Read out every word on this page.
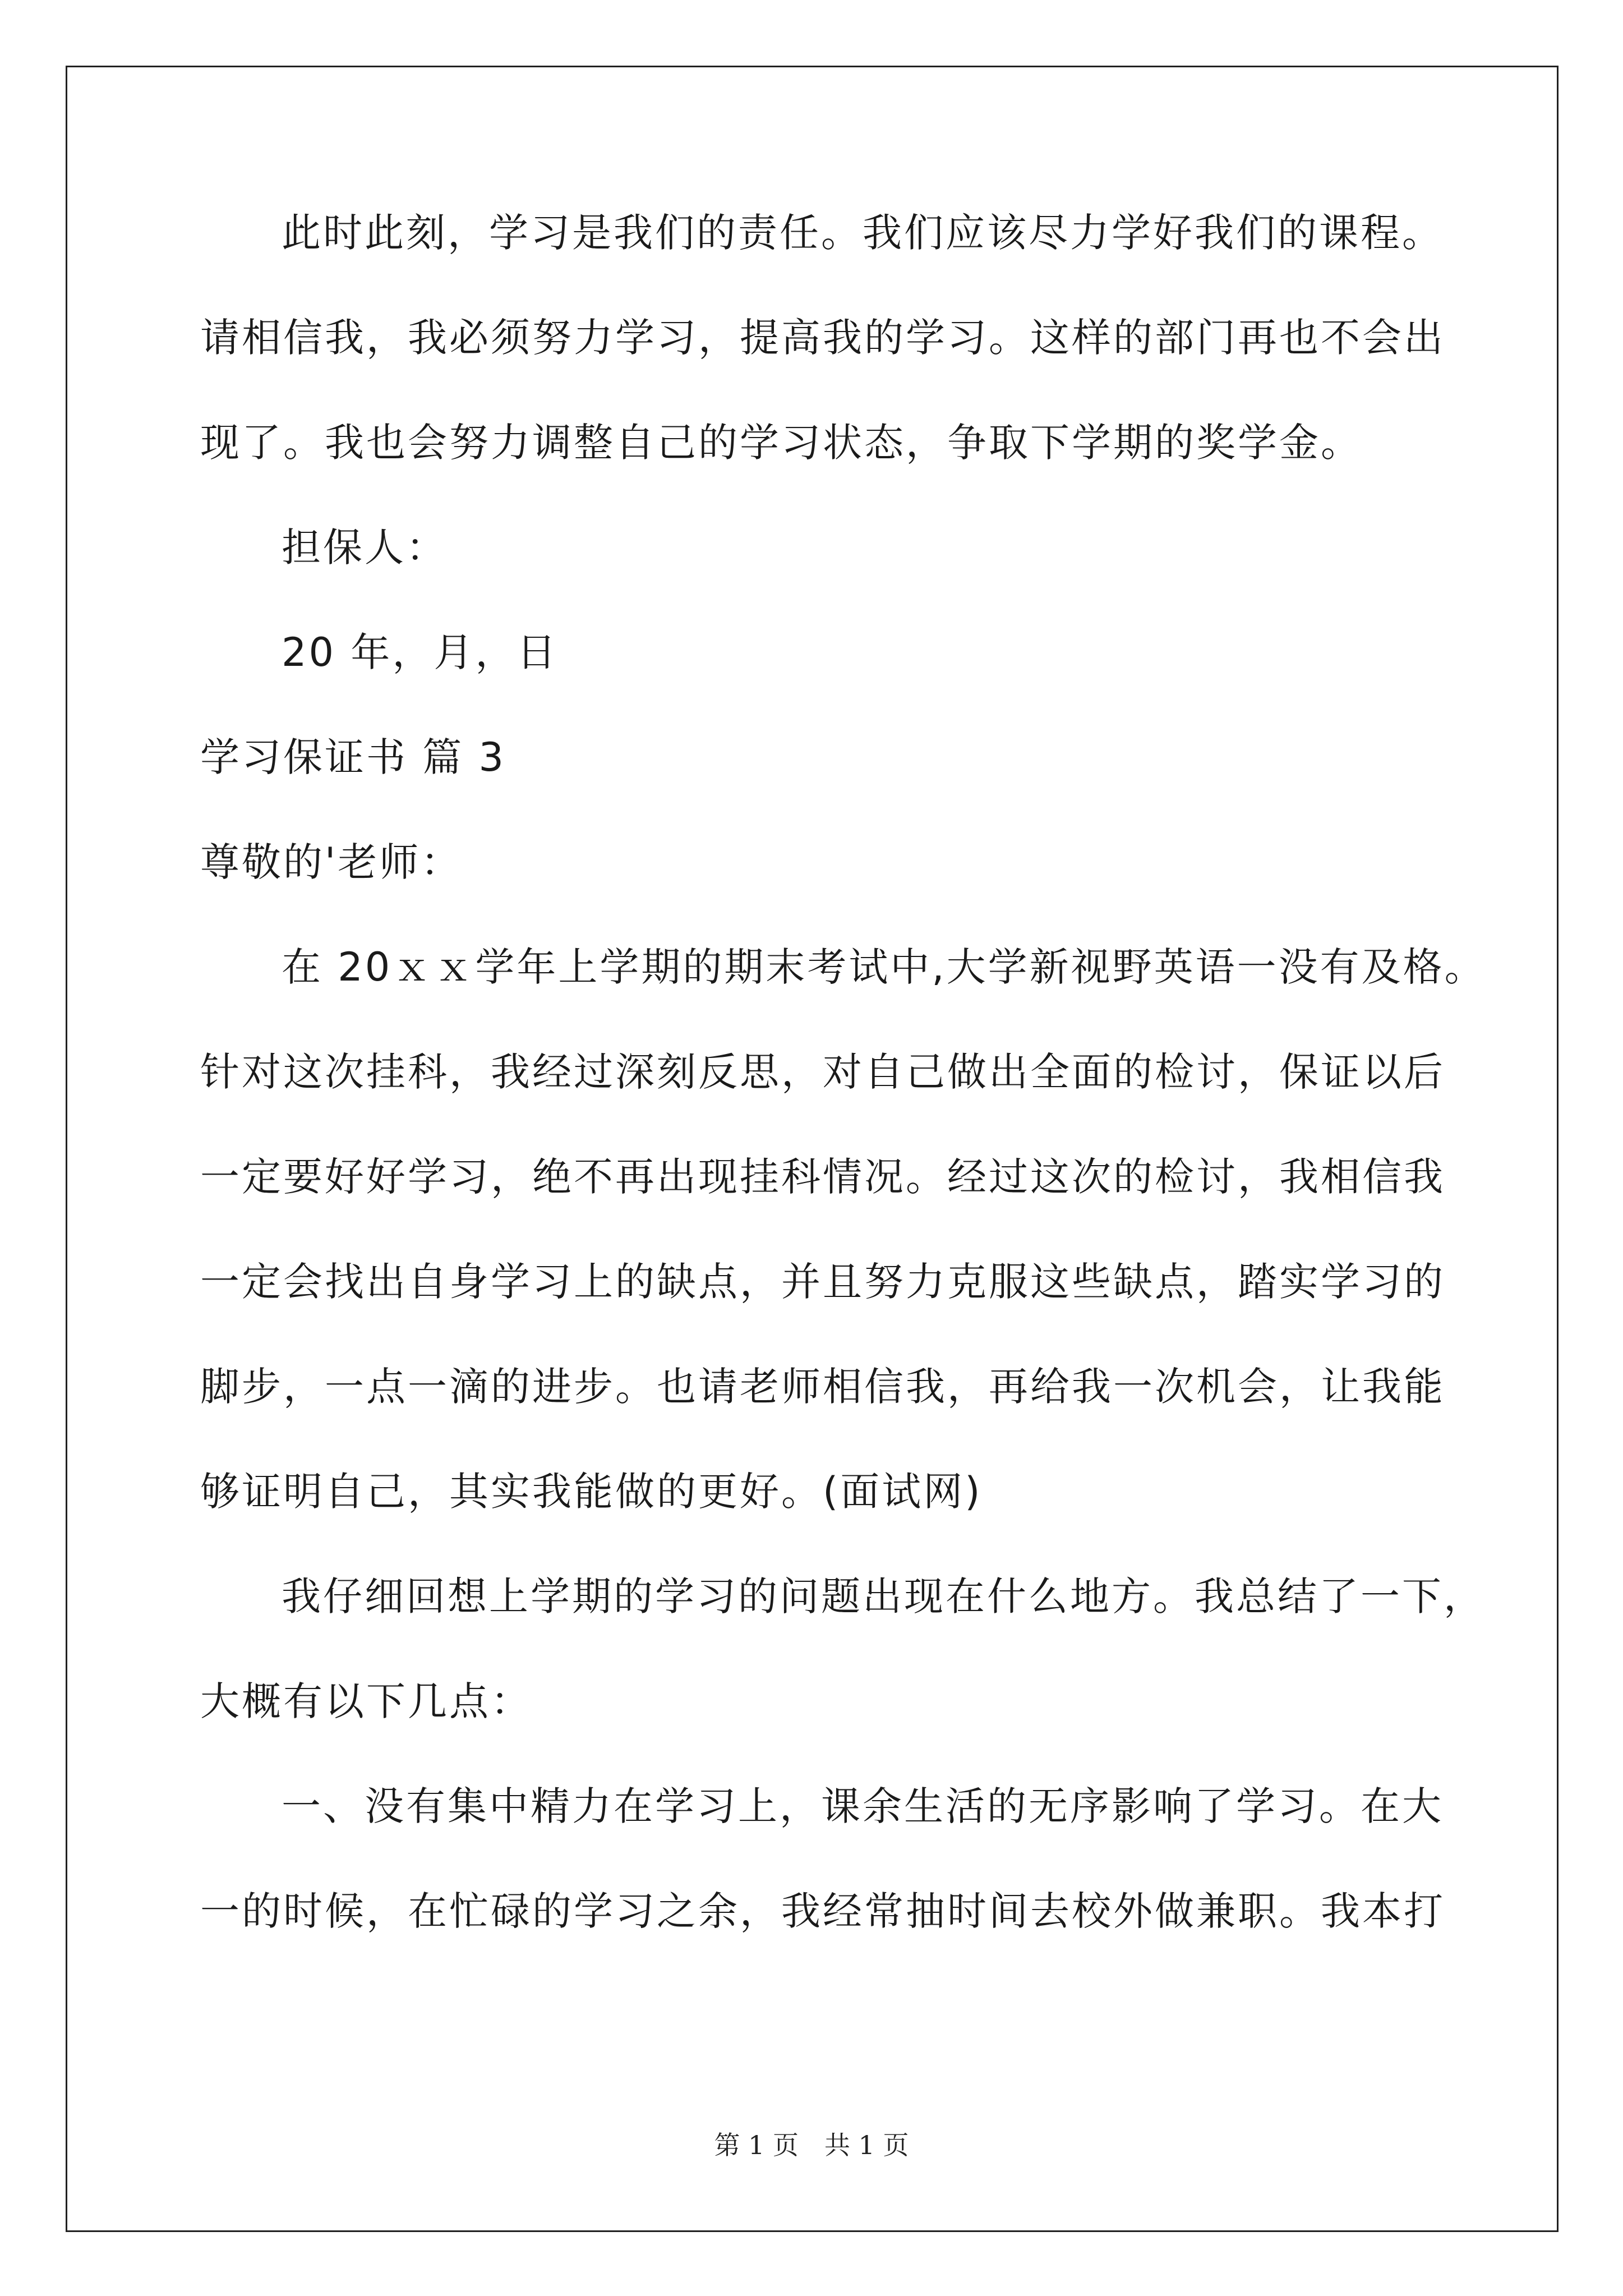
此时此刻，学习是我们的责任。我们应该尽力学好我们的课程。
请相信我，我必须努力学习，提高我的学习。这样的部门再也不会出
现了。我也会努力调整自己的学习状态，争取下学期的奖学金。
担保人：
20 年，月，日
学习保证书 篇 3
尊敬的'老师：
在 20ｘｘ学年上学期的期末考试中,大学新视野英语一没有及格。
针对这次挂科，我经过深刻反思，对自己做出全面的检讨，保证以后
一定要好好学习，绝不再出现挂科情况。经过这次的检讨，我相信我
一定会找出自身学习上的缺点，并且努力克服这些缺点，踏实学习的
脚步，一点一滴的进步。也请老师相信我，再给我一次机会，让我能
够证明自己，其实我能做的更好。(面试网)
我仔细回想上学期的学习的问题出现在什么地方。我总结了一下，
大概有以下几点：
一、没有集中精力在学习上，课余生活的无序影响了学习。在大
一的时候，在忙碌的学习之余，我经常抽时间去校外做兼职。我本打
第 1 页　共 1 页
